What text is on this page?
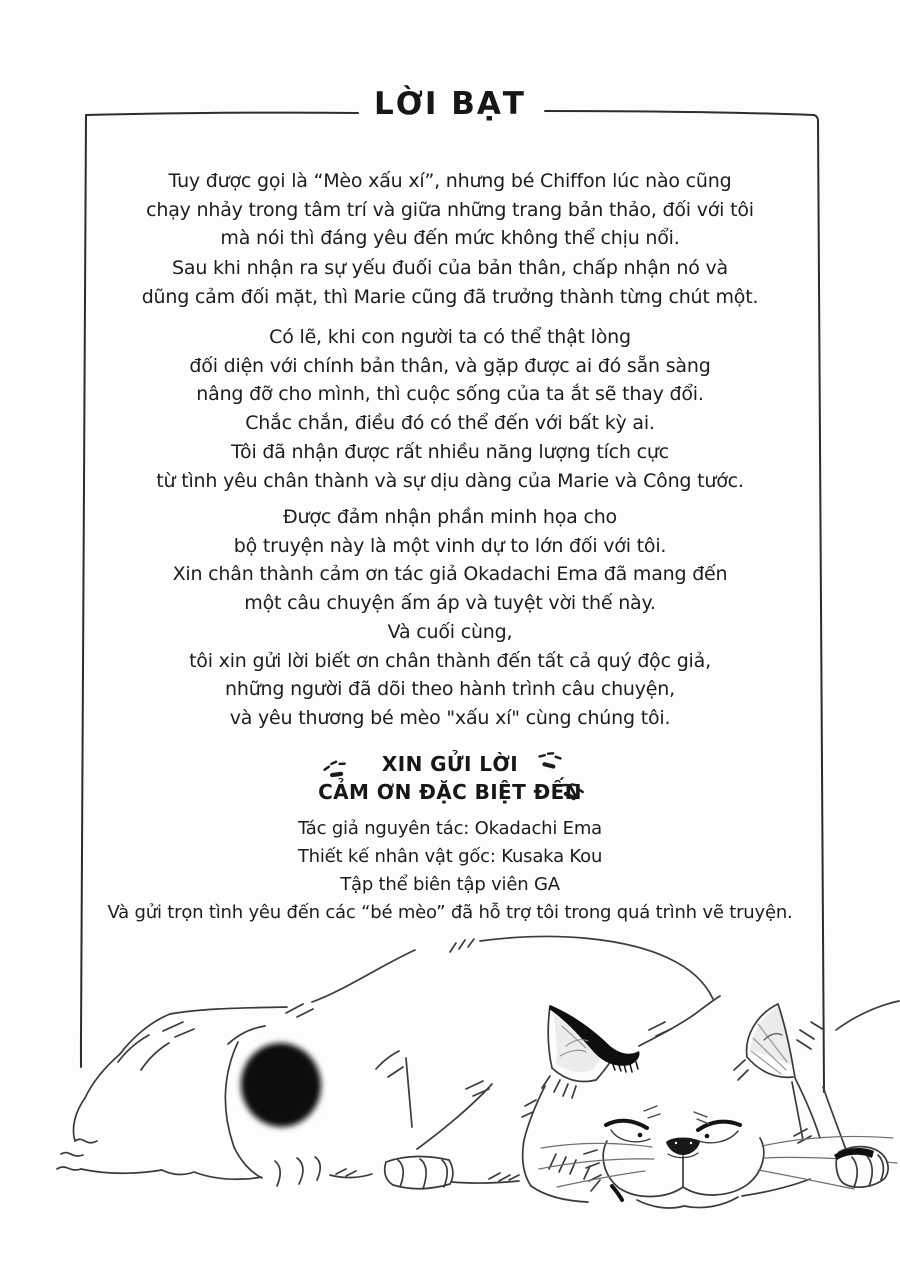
LỜI BẠT
Tuy được gọi là “Mèo xấu xí”, nhưng bé Chiffon lúc nào cũng
chạy nhảy trong tâm trí và giữa những trang bản thảo, đối với tôi
mà nói thì đáng yêu đến mức không thể chịu nổi.
Sau khi nhận ra sự yếu đuối của bản thân, chấp nhận nó và
dũng cảm đối mặt, thì Marie cũng đã trưởng thành từng chút một.
Có lẽ, khi con người ta có thể thật lòng
đối diện với chính bản thân, và gặp được ai đó sẵn sàng
nâng đỡ cho mình, thì cuộc sống của ta ắt sẽ thay đổi.
Chắc chắn, điều đó có thể đến với bất kỳ ai.
Tôi đã nhận được rất nhiều năng lượng tích cực
từ tình yêu chân thành và sự dịu dàng của Marie và Công tước.
Được đảm nhận phần minh họa cho
bộ truyện này là một vinh dự to lớn đối với tôi.
Xin chân thành cảm ơn tác giả Okadachi Ema đã mang đến
một câu chuyện ấm áp và tuyệt vời thế này.
Và cuối cùng,
tôi xin gửi lời biết ơn chân thành đến tất cả quý độc giả,
những người đã dõi theo hành trình câu chuyện,
và yêu thương bé mèo "xấu xí" cùng chúng tôi.
XIN GỬI LỜI
CẢM ƠN ĐẶC BIỆT ĐẾN
Tác giả nguyên tác: Okadachi Ema
Thiết kế nhân vật gốc: Kusaka Kou
Tập thể biên tập viên GA
Và gửi trọn tình yêu đến các “bé mèo” đã hỗ trợ tôi trong quá trình vẽ truyện.
